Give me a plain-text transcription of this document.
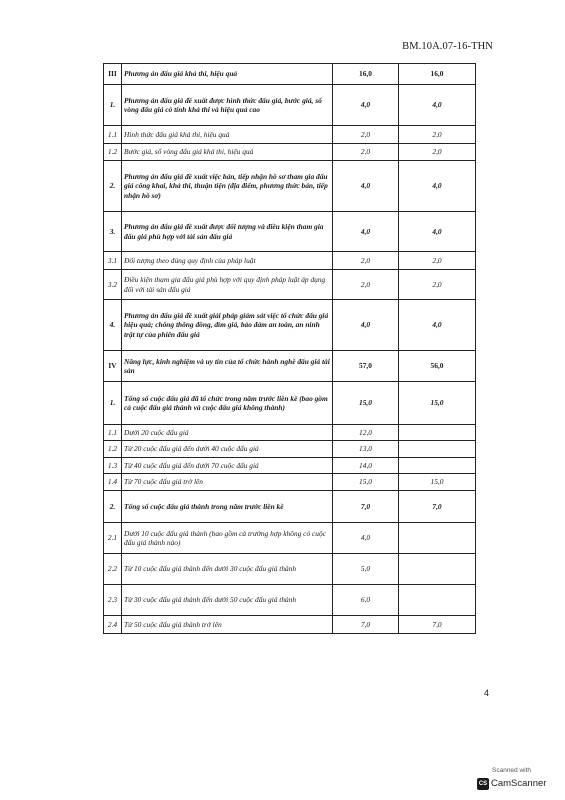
BM.10A.07-16-THN
III	Phương án đấu giá khả thi, hiệu quả	16,0	16,0
1.	Phương án đấu giá đề xuất được hình thức đấu giá, bước giá, số vòng đấu giá có tính khả thi và hiệu quả cao	4,0	4,0
1.1	Hình thức đấu giá khả thi, hiệu quả	2,0	2,0
1.2	Bước giá, số vòng đấu giá khả thi, hiệu quả	2,0	2,0
2.	Phương án đấu giá đề xuất việc bán, tiếp nhận hồ sơ tham gia đấu giá công khai, khả thi, thuận tiện (địa điểm, phương thức bán, tiếp nhận hồ sơ)	4,0	4,0
3.	Phương án đấu giá đề xuất được đối tượng và điều kiện tham gia đấu giá phù hợp với tài sản đấu giá	4,0	4,0
3.1	Đối tượng theo đúng quy định của pháp luật	2,0	2,0
3.2	Điều kiện tham gia đấu giá phù hợp với quy định pháp luật áp dụng đối với tài sản đấu giá	2,0	2,0
4.	Phương án đấu giá đề xuất giải pháp giám sát việc tổ chức đấu giá hiệu quả; chống thông đồng, dìm giá, bảo đảm an toàn, an ninh trật tự của phiên đấu giá	4,0	4,0
IV	Năng lực, kinh nghiệm và uy tín của tổ chức hành nghề đấu giá tài sản	57,0	56,0
1.	Tổng số cuộc đấu giá đã tổ chức trong năm trước liền kề (bao gồm cả cuộc đấu giá thành và cuộc đấu giá không thành)	15,0	15,0
1.1	Dưới 20 cuộc đấu giá	12,0	
1.2	Từ 20 cuộc đấu giá đến dưới 40 cuộc đấu giá	13,0	
1.3	Từ 40 cuộc đấu giá đến dưới 70 cuộc đấu giá	14,0	
1.4	Từ 70 cuộc đấu giá trở lên	15,0	15,0
2.	Tổng số cuộc đấu giá thành trong năm trước liền kề	7,0	7,0
2.1	Dưới 10 cuộc đấu giá thành (bao gồm cả trường hợp không có cuộc đấu giá thành nào)	4,0	
2.2	Từ 10 cuộc đấu giá thành đến dưới 30 cuộc đấu giá thành	5,0	
2.3	Từ 30 cuộc đấu giá thành đến dưới 50 cuộc đấu giá thành	6,0	
2.4	Từ 50 cuộc đấu giá thành trở lên	7,0	7,0
4
Scanned with
CS CamScanner
